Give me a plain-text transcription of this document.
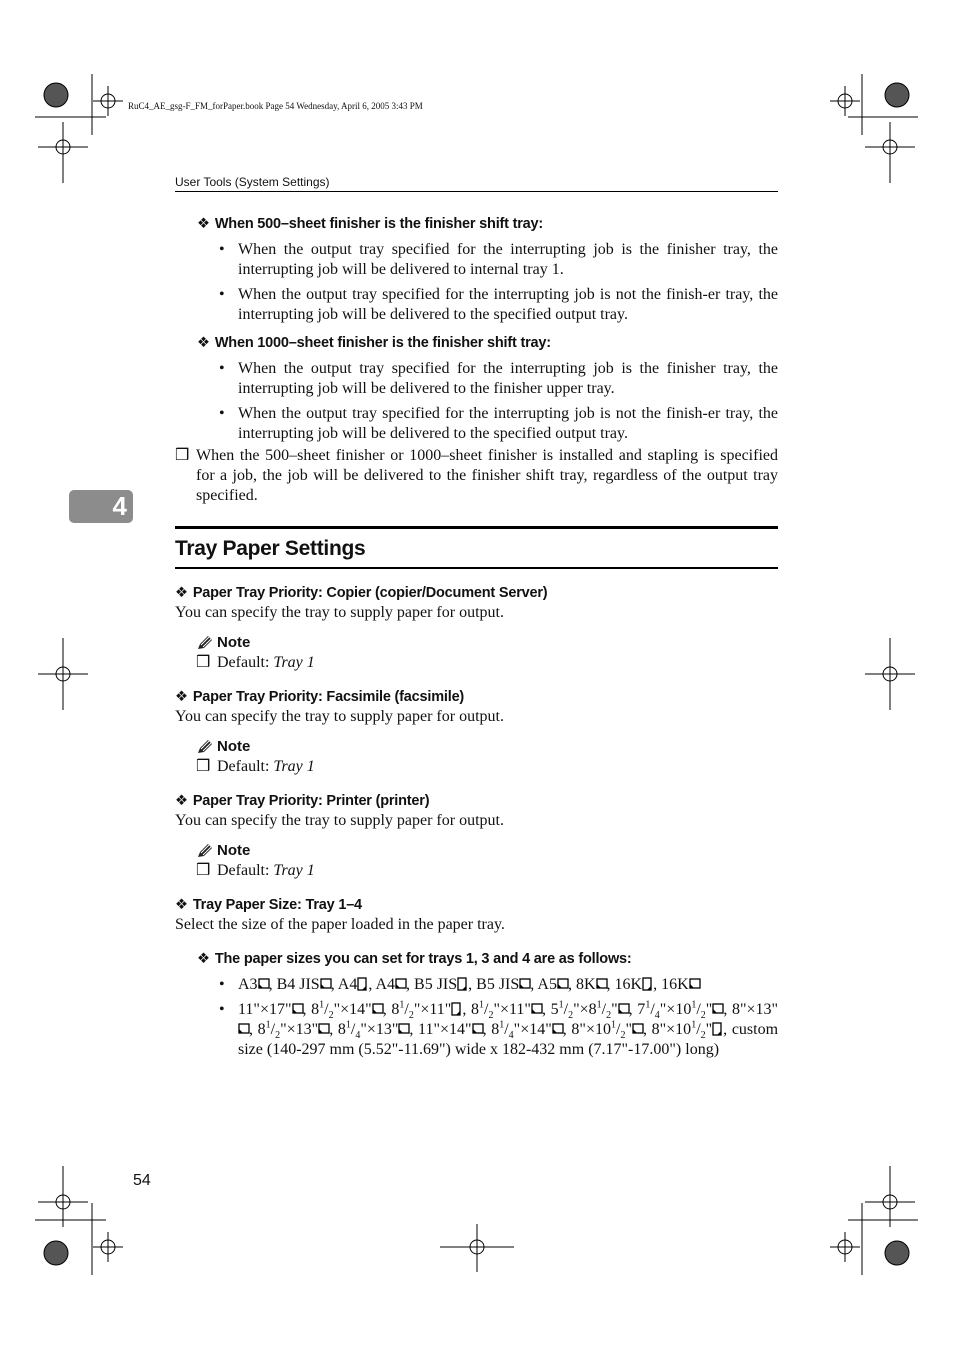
RuC4_AE_gsg-F_FM_forPaper.book Page 54 Wednesday, April 6, 2005 3:43 PM
User Tools (System Settings)
4
❖ When 500–sheet finisher is the finisher shift tray:
• When the output tray specified for the interrupting job is the finisher tray, the interrupting job will be delivered to internal tray 1.
• When the output tray specified for the interrupting job is not the finish-er tray, the interrupting job will be delivered to the specified output tray.
❖ When 1000–sheet finisher is the finisher shift tray:
• When the output tray specified for the interrupting job is the finisher tray, the interrupting job will be delivered to the finisher upper tray.
• When the output tray specified for the interrupting job is not the finish-er tray, the interrupting job will be delivered to the specified output tray.
❒ When the 500–sheet finisher or 1000–sheet finisher is installed and stapling is specified for a job, the job will be delivered to the finisher shift tray, regardless of the output tray specified.
Tray Paper Settings
❖ Paper Tray Priority: Copier (copier/Document Server)

You can specify the tray to supply paper for output.

Note
❒ Default: Tray 1
❖ Paper Tray Priority: Facsimile (facsimile)

You can specify the tray to supply paper for output.

Note
❒ Default: Tray 1
❖ Paper Tray Priority: Printer (printer)

You can specify the tray to supply paper for output.

Note
❒ Default: Tray 1
❖ Tray Paper Size: Tray 1–4

Select the size of the paper loaded in the paper tray.

❖ The paper sizes you can set for trays 1, 3 and 4 are as follows:
• A3 , B4 JIS , A4 , A4 , B5 JIS , B5 JIS , A5 , 8K , 16K , 16K
• 11"×17" , $8^1/_2"\times 14$" , $8^1/_2"\times 11$" , $8^1/_2"\times 11$" , $5^1/_2"\times 8^1/_2$" , $7^1/_4"\times 10^1/_2$" , 8"×13"
, $8^1/_2"\times 13$" , $8^1/_4"\times 13$" , 11"×14" , $8^1/_4"\times 14$" , $8"\times 10^1/_2$" , $8"\times 10^1/_2$" , custom size (140-297 mm (5.52"-11.69") wide x 182-432 mm (7.17"-17.00") long)
54
